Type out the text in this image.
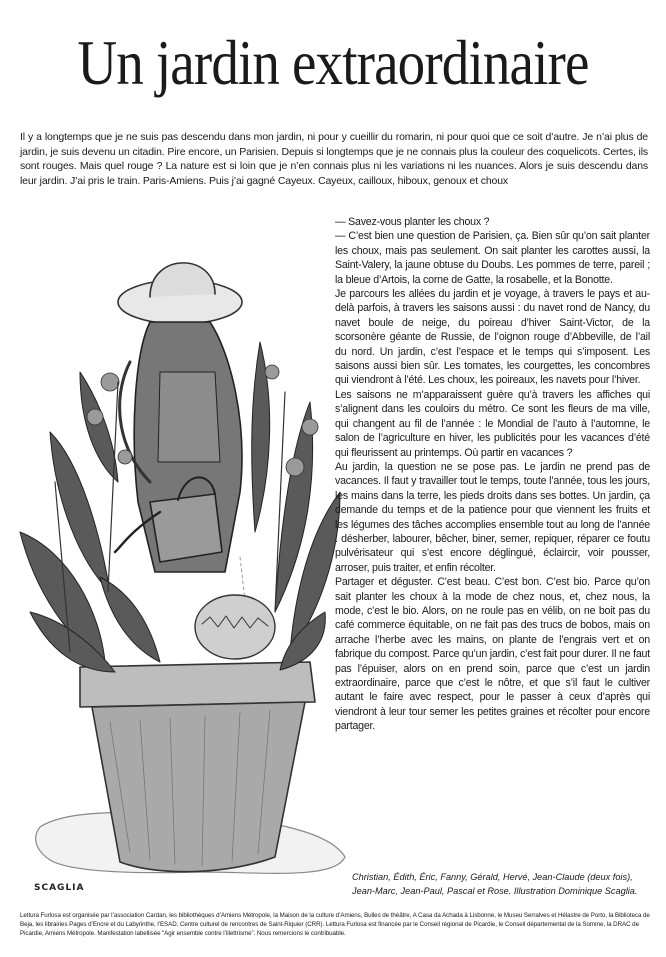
Un jardin extraordinaire

Il y a longtemps que je ne suis pas descendu dans mon jardin, ni pour y cueillir du romarin, ni pour quoi que ce soit d’autre. Je n’ai plus de jardin, je suis devenu un citadin. Pire encore, un Parisien. Depuis si longtemps que je ne connais plus la couleur des coquelicots. Certes, ils sont rouges. Mais quel rouge ? La nature est si loin que je n’en connais plus ni les variations ni les nuances. Alors je suis descendu dans leur jardin. J’ai pris le train. Paris-Amiens. Puis j’ai gagné Cayeux. Cayeux, cailloux, hiboux, genoux et choux

SCAGLIA

— Savez-vous planter les choux ?

— C’est bien une question de Parisien, ça. Bien sûr qu’on sait planter les choux, mais pas seulement. On sait planter les carottes aussi, la Saint-Valery, la jaune obtuse du Doubs. Les pommes de terre, pareil ; la bleue d’Artois, la corne de Gatte, la rosabelle, et la Bonotte.

Je parcours les allées du jardin et je voyage, à travers le pays et au-delà parfois, à travers les saisons aussi : du navet rond de Nancy, du navet boule de neige, du poireau d’hiver Saint-Victor, de la scorsonère géante de Russie, de l’oignon rouge d’Abbeville, de l’ail du nord. Un jardin, c’est l’espace et le temps qui s’imposent. Les saisons aussi bien sûr. Les tomates, les courgettes, les concombres qui viendront à l’été. Les choux, les poireaux, les navets pour l’hiver.

Les saisons ne m’apparaissent guère qu’à travers les affiches qui s’alignent dans les couloirs du métro. Ce sont les fleurs de ma ville, qui changent au fil de l’année : le Mondial de l’auto à l’automne, le salon de l’agriculture en hiver, les publicités pour les vacances d’été qui fleurissent au printemps. Où partir en vacances ?

Au jardin, la question ne se pose pas. Le jardin ne prend pas de vacances. Il faut y travailler tout le temps, toute l’année, tous les jours, les mains dans la terre, les pieds droits dans ses bottes. Un jardin, ça demande du temps et de la patience pour que viennent les fruits et les légumes des tâches accomplies ensemble tout au long de l’année : désherber, labourer, bêcher, biner, semer, repiquer, réparer ce foutu pulvérisateur qui s’est encore déglingué, éclaircir, voir pousser, arroser, puis traiter, et enfin récolter.

Partager et déguster. C’est beau. C’est bon. C’est bio. Parce qu’on sait planter les choux à la mode de chez nous, et, chez nous, la mode, c’est le bio. Alors, on ne roule pas en vélib, on ne boit pas du café commerce équitable, on ne fait pas des trucs de bobos, mais on arrache l’herbe avec les mains, on plante de l’engrais vert et on fabrique du compost. Parce qu’un jardin, c’est fait pour durer. Il ne faut pas l’épuiser, alors on en prend soin, parce que c’est un jardin extraordinaire, parce que c’est le nôtre, et que s’il faut le cultiver autant le faire avec respect, pour le passer à ceux d’après qui viendront à leur tour semer les petites graines et récolter pour encore partager.

Christian, Édith, Éric, Fanny, Gérald, Hervé, Jean-Claude (deux fois), Jean-Marc, Jean-Paul, Pascal et Rose. Illustration Dominique Scaglia.

Lettura Furlosa est organisée par l’association Cardan, les bibliothèques d’Amiens Métropole, la Maison de la culture d’Amiens, Bulles de théâtre, A Casa da Achada à Lisbonne, le Museu Serralves et Hélastre de Porto, la Biblioteca de Beja, les librairies Pages d’Encre et du Labyrinthe, l’ESAD, Centre culturel de rencontres de Saint-Riquier (CRR). Lettura Furlosa est financée par le Conseil régional de Picardie, le Conseil départemental de la Somme, la DRAC de Picardie, Amiens Métropole. Manifestation labellisée “Agir ensemble contre l’illettrisme”. Nous remercions le contribuable.
